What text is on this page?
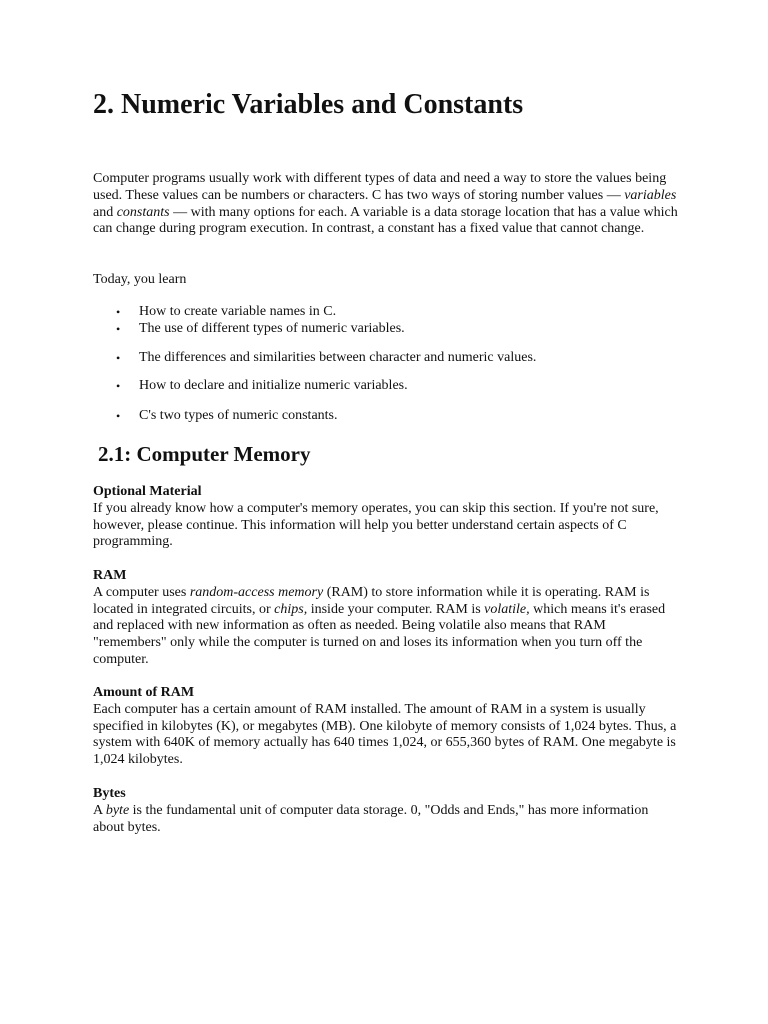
2. Numeric Variables and Constants

Computer programs usually work with different types of data and need a way to store the values being used. These values can be numbers or characters. C has two ways of storing number values — variables and constants — with many options for each. A variable is a data storage location that has a value which can change during program execution. In contrast, a constant has a fixed value that cannot change.

Today, you learn

• How to create variable names in C.
• The use of different types of numeric variables.
• The differences and similarities between character and numeric values.
• How to declare and initialize numeric variables.
• C's two types of numeric constants.
2.1: Computer Memory

Optional Material
If you already know how a computer's memory operates, you can skip this section. If you're not sure, however, please continue. This information will help you better understand certain aspects of C programming.

RAM
A computer uses random-access memory (RAM) to store information while it is operating. RAM is located in integrated circuits, or chips, inside your computer. RAM is volatile, which means it's erased and replaced with new information as often as needed. Being volatile also means that RAM "remembers" only while the computer is turned on and loses its information when you turn off the computer.

Amount of RAM
Each computer has a certain amount of RAM installed. The amount of RAM in a system is usually specified in kilobytes (K), or megabytes (MB). One kilobyte of memory consists of 1,024 bytes. Thus, a system with 640K of memory actually has 640 times 1,024, or 655,360 bytes of RAM. One megabyte is 1,024 kilobytes.

Bytes
A byte is the fundamental unit of computer data storage. 0, "Odds and Ends," has more information about bytes.
